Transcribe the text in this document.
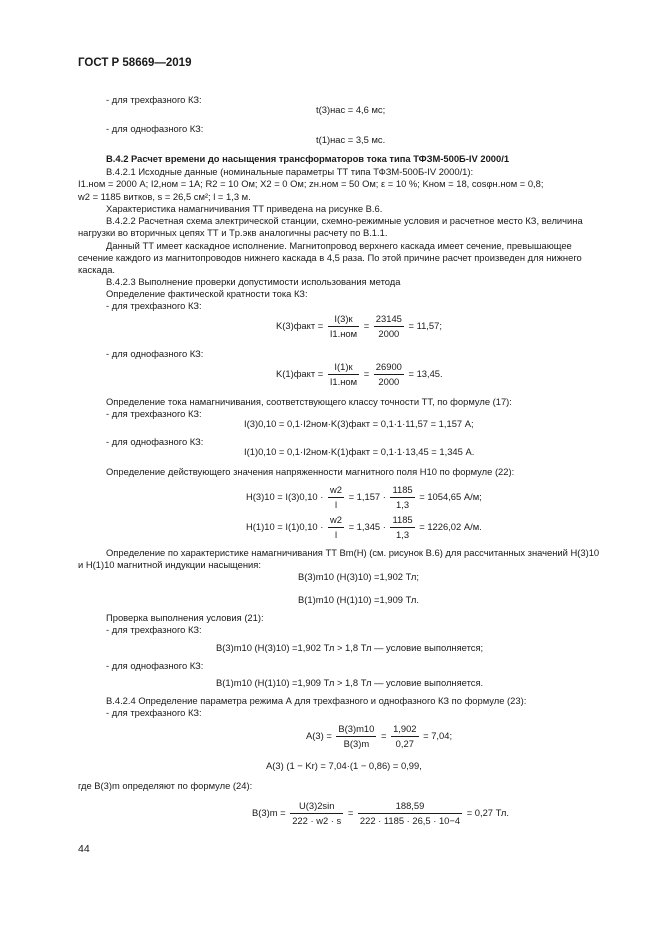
ГОСТ Р 58669—2019
- для трехфазного КЗ:
t(3)нас = 4,6 мс;
- для однофазного КЗ:
t(1)нас = 3,5 мс.
В.4.2 Расчет времени до насыщения трансформаторов тока типа ТФЗМ-500Б-IV 2000/1
В.4.2.1 Исходные данные (номинальные параметры ТТ типа ТФЗМ-500Б-IV 2000/1):
I1.ном = 2000 А; I2,ном = 1А; R2 = 10 Ом; X2 = 0 Ом; zн.ном = 50 Ом; ε = 10 %; Kном = 18, cosφн.ном = 0,8;
w2 = 1185 витков, s = 26,5 см²; l = 1,3 м.
Характеристика намагничивания ТТ приведена на рисунке В.6.
В.4.2.2 Расчетная схема электрической станции, схемно-режимные условия и расчетное место КЗ, величина
нагрузки во вторичных цепях ТТ и Tр.экв аналогичны расчету по В.1.1.
Данный ТТ имеет каскадное исполнение. Магнитопровод верхнего каскада имеет сечение, превышающее
сечение каждого из магнитопроводов нижнего каскада в 4,5 раза. По этой причине расчет произведен для нижнего
каскада.
В.4.2.3 Выполнение проверки допустимости использования метода
Определение фактической кратности тока КЗ:
- для трехфазного КЗ:
K(3)факт = $\frac{I(3)к}{\text{I1.ном}} = \frac{23145}{2000} = 11,57$;
- для однофазного КЗ:
K(1)факт = $\frac{I(1)к}{\text{I1.ном}} = \frac{26900}{2000} = 13,45$.
Определение тока намагничивания, соответствующего классу точности ТТ, по формуле (17):
- для трехфазного КЗ:
I(3)0,10 = 0,1·I2ном·K(3)факт = 0,1·1·11,57 = 1,157 А;
- для однофазного КЗ:
I(1)0,10 = 0,1·I2ном·K(1)факт = 0,1·1·13,45 = 1,345 А.
Определение действующего значения напряженности магнитного поля H10 по формуле (22):
$H(3)10 = I(3)0,10 \cdot \frac{w2}{l} = 1,157 \cdot \frac{1185}{1,3} = 1054,65$ А/м;
$H(1)10 = I(1)0,10 \cdot \frac{w2}{l} = 1,345 \cdot \frac{1185}{1,3} = 1226,02$ А/м.
Определение по характеристике намагничивания ТТ Bm(H) (см. рисунок В.6) для рассчитанных значений H(3)10
и H(1)10 магнитной индукции насыщения:
B(3)m10 (H(3)10) =1,902 Тл;
B(1)m10 (H(1)10) =1,909 Тл.
Проверка выполнения условия (21):
- для трехфазного КЗ:
B(3)m10 (H(3)10) =1,902 Тл > 1,8 Тл — условие выполняется;
- для однофазного КЗ:
B(1)m10 (H(1)10) =1,909 Тл > 1,8 Тл — условие выполняется.
В.4.2.4 Определение параметра режима А для трехфазного и однофазного КЗ по формуле (23):
- для трехфазного КЗ:
$A(3) = \frac{B(3)m10}{B(3)m} = \frac{1,902}{0,27} = 7,04$;
A(3) (1 − Kr) = 7,04·(1 − 0,86) = 0,99,
где B(3)m определяют по формуле (24):
$B(3)m = \frac{U(3)2\sin}{222 \cdot w2 \cdot s} = \frac{188,59}{222 \cdot 1185 \cdot 26,5 \cdot 10-4} = 0,27$ Тл.
44
